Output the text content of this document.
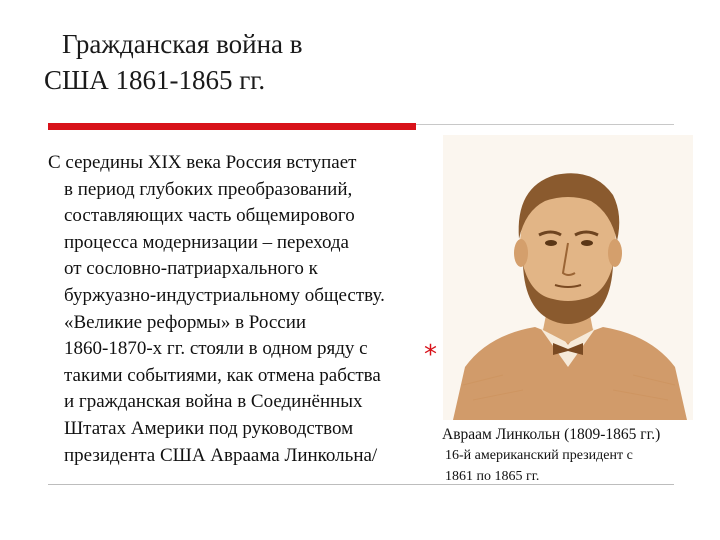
Гражданская война в
США 1861-1865 гг.
С середины XIX века Россия вступает
в период глубоких преобразований,
составляющих часть общемирового
процесса модернизации – перехода
от сословно-патриархального к
буржуазно-индустриальному обществу.
«Великие реформы» в России
1860-1870-х гг. стояли в одном ряду с
такими событиями, как отмена рабства
и гражданская война в Соединённых
Штатах Америки под руководством
президента США Авраама Линкольна/
*
Авраам Линкольн (1809-1865 гг.)
16-й американский президент с
1861 по 1865 гг.
